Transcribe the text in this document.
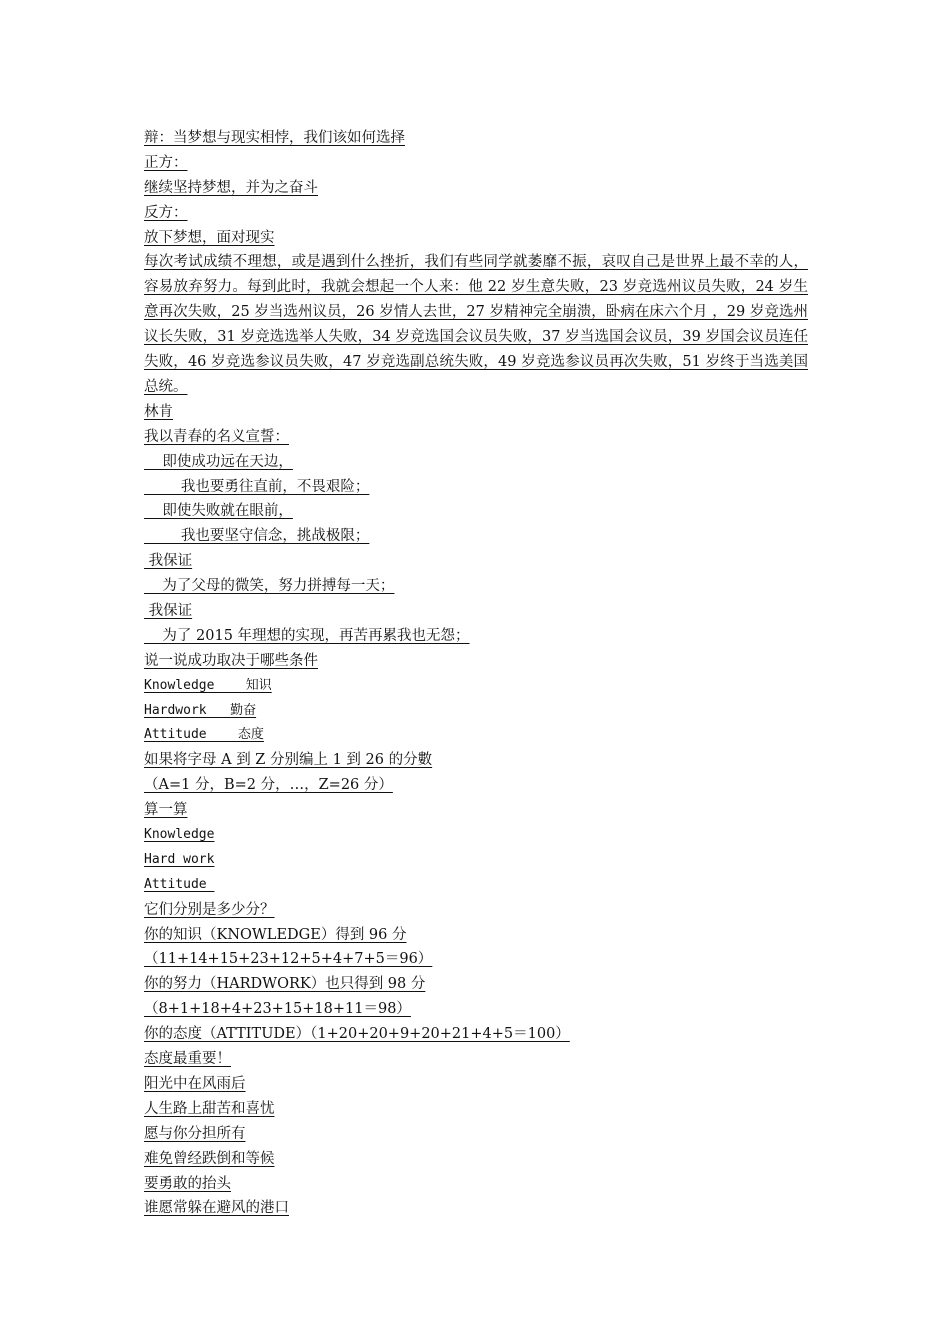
辩：当梦想与现实相悖，我们该如何选择
正方：
继续坚持梦想，并为之奋斗
反方：
放下梦想，面对现实
每次考试成绩不理想，或是遇到什么挫折，我们有些同学就萎靡不振，哀叹自己是世界上最不幸的人，容易放弃努力。每到此时，我就会想起一个人来：他 22 岁生意失败，23 岁竞选州议员失败，24 岁生意再次失败，25 岁当选州议员，26 岁情人去世，27 岁精神完全崩溃，卧病在床六个月 ，29 岁竞选州议长失败，31 岁竞选选举人失败，34 岁竞选国会议员失败，37 岁当选国会议员，39 岁国会议员连任失败，46 岁竞选参议员失败，47 岁竞选副总统失败，49 岁竞选参议员再次失败，51 岁终于当选美国总统。
林肯
我以青春的名义宣誓：
即使成功远在天边，
我也要勇往直前，不畏艰险；
即使失败就在眼前，
我也要坚守信念，挑战极限；
我保证
为了父母的微笑，努力拼搏每一天；
我保证
为了 2015 年理想的实现，再苦再累我也无怨；
说一说成功取决于哪些条件
Knowledge    知识
Hardwork   勤奋
Attitude    态度
如果将字母 A 到 Z 分别编上 1 到 26 的分數
（A=1 分，B=2 分，…，Z=26 分）
算一算
Knowledge
Hard work
Attitude
它们分别是多少分？
你的知识（KNOWLEDGE）得到 96 分
（11+14+15+23+12+5+4+7+5＝96）
你的努力（HARDWORK）也只得到 98 分
（8+1+18+4+23+15+18+11＝98）
你的态度（ATTITUDE）（1+20+20+9+20+21+4+5＝100）
态度最重要！
阳光中在风雨后
人生路上甜苦和喜忧
愿与你分担所有
难免曾经跌倒和等候
要勇敢的抬头
谁愿常躲在避风的港口
